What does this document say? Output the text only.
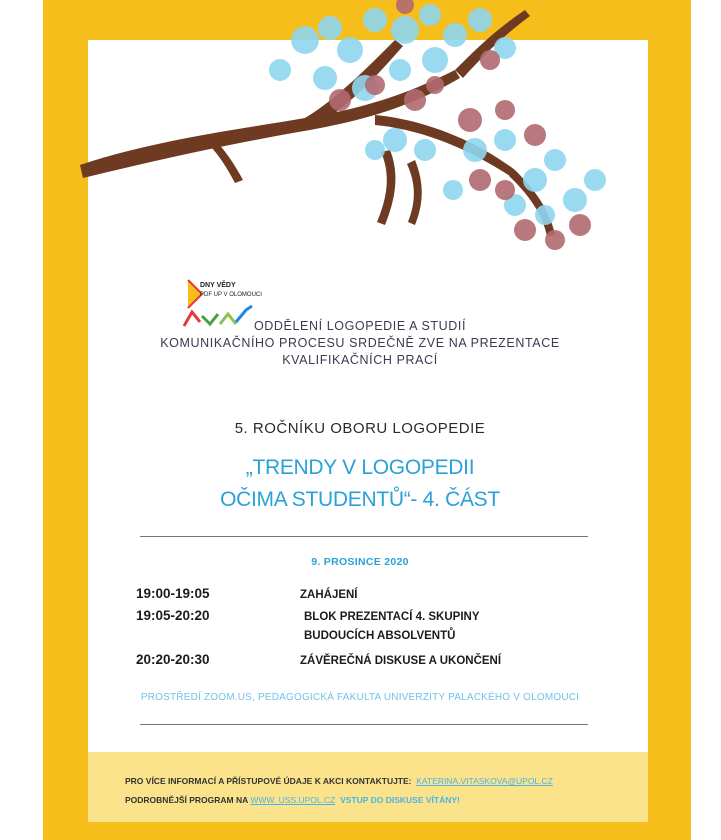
DNY VĚDY
PDF UP V OLOMOUCI
ODDĚLENÍ LOGOPEDIE A STUDIÍ
KOMUNIKAČNÍHO PROCESU SRDEČNĚ ZVE NA PREZENTACE
KVALIFIKAČNÍCH PRACÍ
5. ROČNÍKU OBORU LOGOPEDIE
„TRENDY V LOGOPEDII
OČIMA STUDENTŮ“- 4. ČÁST
9. PROSINCE 2020
19:00-19:05	ZAHÁJENÍ
19:05-20:20	BLOK PREZENTACÍ 4. SKUPINY
BUDOUCÍCH ABSOLVENTŮ
20:20-20:30	ZÁVĚREČNÁ DISKUSE A UKONČENÍ
PROSTŘEDÍ ZOOM.US, PEDAGOGICKÁ FAKULTA UNIVERZITY PALACKÉHO V OLOMOUCI
PRO VÍCE INFORMACÍ A PŘÍSTUPOVÉ ÚDAJE K AKCI KONTAKTUJTE: KATERINA.VITASKOVA@UPOL.CZ
PODROBNĚJŠÍ PROGRAM NA WWW. USS.UPOL.CZ VSTUP DO DISKUSE VÍTÁNY!
